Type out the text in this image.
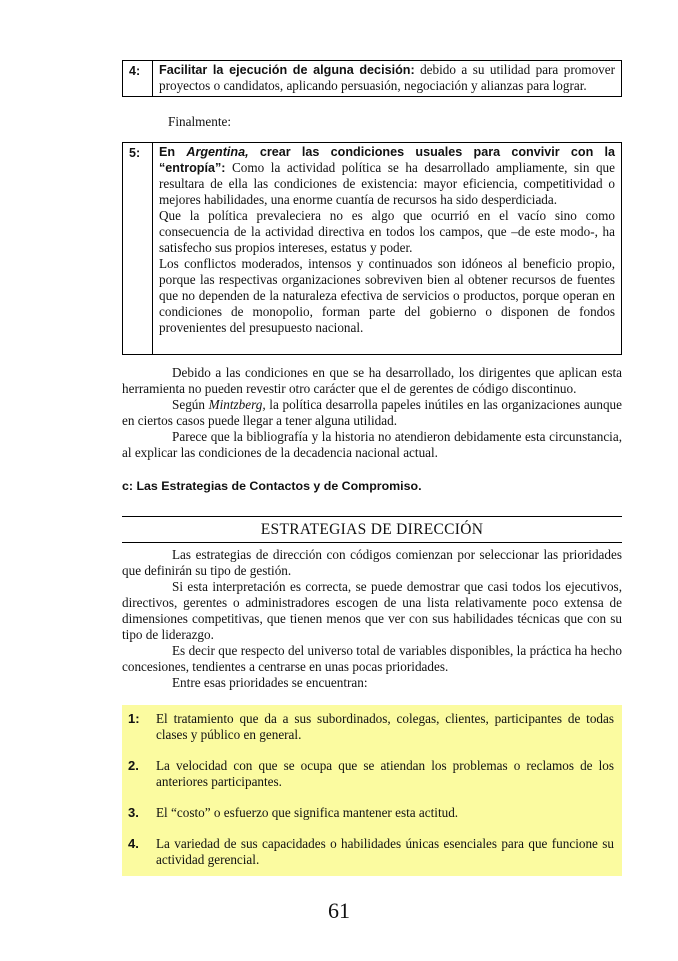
4:	Facilitar la ejecución de alguna decisión: debido a su utilidad para promover proyectos o candidatos, aplicando persuasión, negociación y alianzas para lograr.
Finalmente:
5:	En Argentina, crear las condiciones usuales para convivir con la “entropía”: Como la actividad política se ha desarrollado ampliamente, sin que resultara de ella las condiciones de existencia: mayor eficiencia, competitividad o mejores habilidades, una enorme cuantía de recursos ha sido desperdiciada.
Que la política prevaleciera no es algo que ocurrió en el vacío sino como consecuencia de la actividad directiva en todos los campos, que –de este modo-, ha satisfecho sus propios intereses, estatus y poder.
Los conflictos moderados, intensos y continuados son idóneos al beneficio propio, porque las respectivas organizaciones sobreviven bien al obtener recursos de fuentes que no dependen de la naturaleza efectiva de servicios o productos, porque operan en condiciones de monopolio, forman parte del gobierno o disponen de fondos provenientes del presupuesto nacional.

Debido a las condiciones en que se ha desarrollado, los dirigentes que aplican esta herramienta no pueden revestir otro carácter que el de gerentes de código discontinuo.

Según Mintzberg, la política desarrolla papeles inútiles en las organizaciones aunque en ciertos casos puede llegar a tener alguna utilidad.

Parece que la bibliografía y la historia no atendieron debidamente esta circunstancia, al explicar las condiciones de la decadencia nacional actual.

c: Las Estrategias de Contactos y de Compromiso.
ESTRATEGIAS DE DIRECCIÓN

Las estrategias de dirección con códigos comienzan por seleccionar las prioridades que definirán su tipo de gestión.

Si esta interpretación es correcta, se puede demostrar que casi todos los ejecutivos, directivos, gerentes o administradores escogen de una lista relativamente poco extensa de dimensiones competitivas, que tienen menos que ver con sus habilidades técnicas que con su tipo de liderazgo.

Es decir que respecto del universo total de variables disponibles, la práctica ha hecho concesiones, tendientes a centrarse en unas pocas prioridades.

Entre esas prioridades se encuentran:

1:	El tratamiento que da a sus subordinados, colegas, clientes, participantes de todas clases y público en general.
2.	La velocidad con que se ocupa que se atiendan los problemas o reclamos de los anteriores participantes.
3.	El “costo” o esfuerzo que significa mantener esta actitud.
4.	La variedad de sus capacidades o habilidades únicas esenciales para que funcione su actividad gerencial.
61
